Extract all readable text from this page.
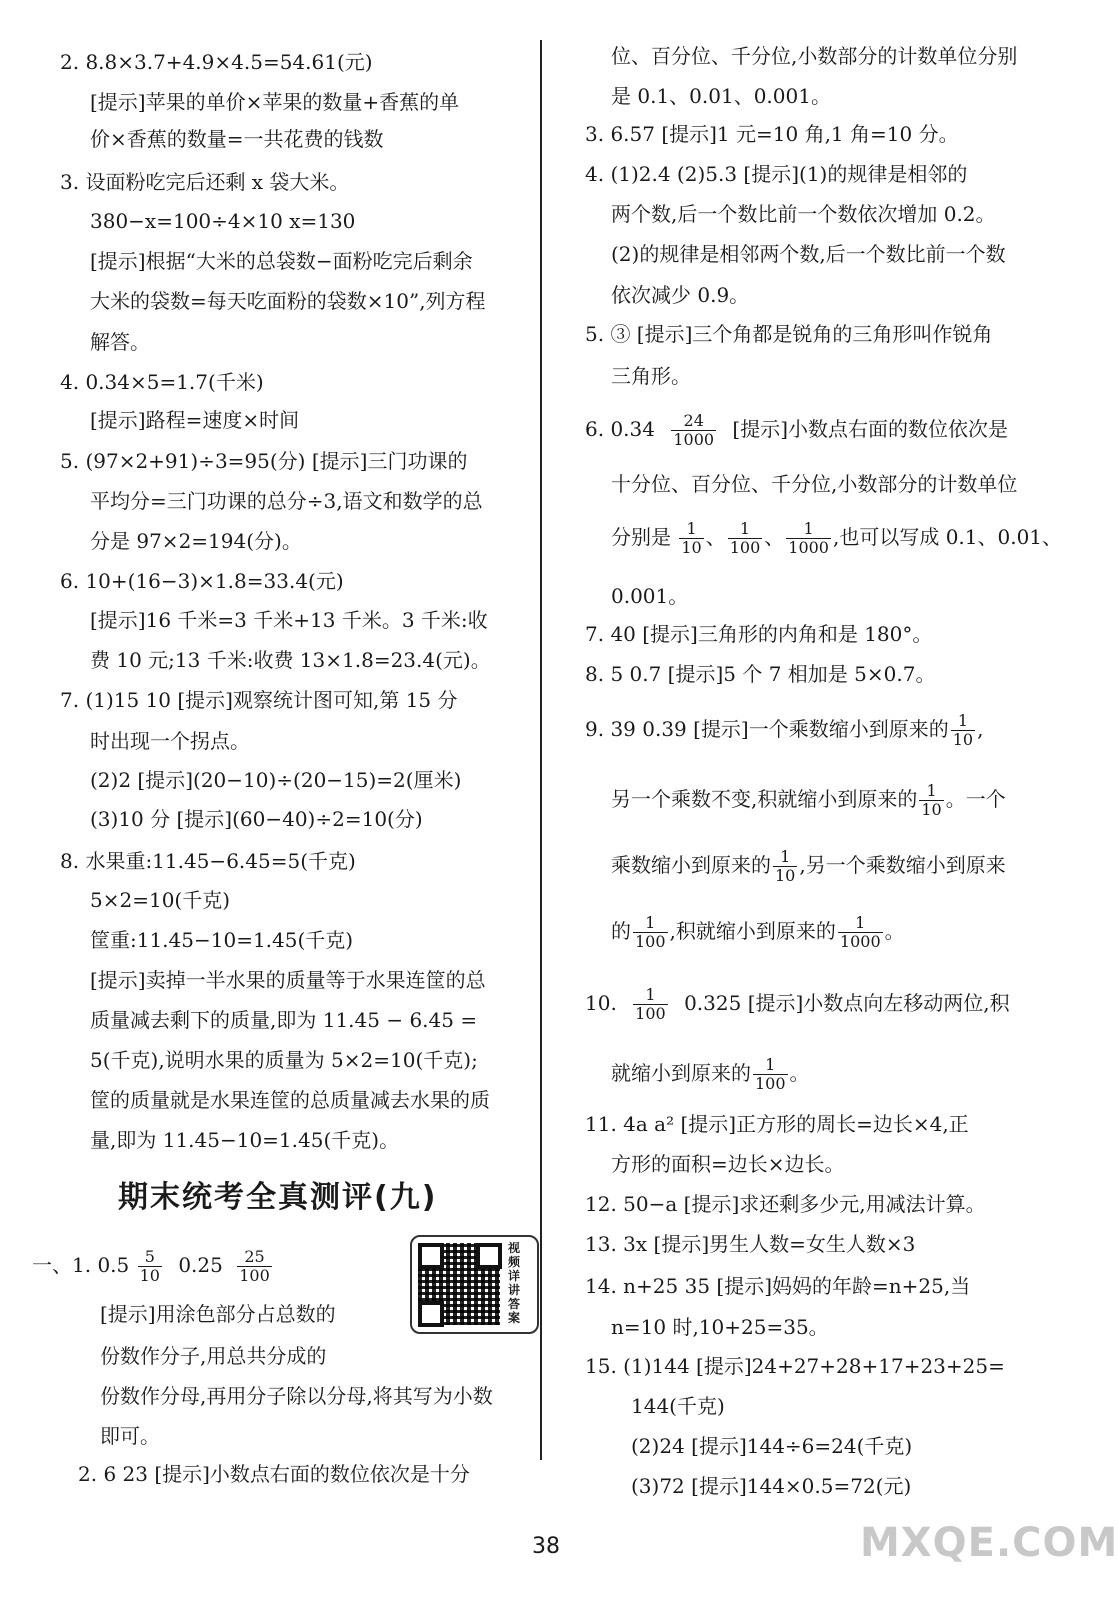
2. 8.8×3.7+4.9×4.5=54.61(元)
[提示]苹果的单价×苹果的数量+香蕉的单
价×香蕉的数量=一共花费的钱数
3. 设面粉吃完后还剩 x 袋大米。
380−x=100÷4×10 x=130
[提示]根据“大米的总袋数−面粉吃完后剩余
大米的袋数=每天吃面粉的袋数×10”,列方程
解答。
4. 0.34×5=1.7(千米)
[提示]路程=速度×时间
5. (97×2+91)÷3=95(分) [提示]三门功课的
平均分=三门功课的总分÷3,语文和数学的总
分是 97×2=194(分)。
6. 10+(16−3)×1.8=33.4(元)
[提示]16 千米=3 千米+13 千米。3 千米:收
费 10 元;13 千米:收费 13×1.8=23.4(元)。
7. (1)15 10 [提示]观察统计图可知,第 15 分
时出现一个拐点。
(2)2 [提示](20−10)÷(20−15)=2(厘米)
(3)10 分 [提示](60−40)÷2=10(分)
8. 水果重:11.45−6.45=5(千克)
5×2=10(千克)
筐重:11.45−10=1.45(千克)
[提示]卖掉一半水果的质量等于水果连筐的总
质量减去剩下的质量,即为 11.45 − 6.45 =
5(千克),说明水果的质量为 5×2=10(千克);
筐的质量就是水果连筐的总质量减去水果的质
量,即为 11.45−10=1.45(千克)。
一、1. $0.5 \frac{5}{10} 0.25 \frac{25}{100}$
[提示]用涂色部分占总数的
份数作分子,用总共分成的
份数作分母,再用分子除以分母,将其写为小数
即可。
2. 6 23 [提示]小数点右面的数位依次是十分
期末统考全真测评(九)
视频详讲答案
位、百分位、千分位,小数部分的计数单位分别
是 0.1、0.01、0.001。
3. 6.57 [提示]1 元=10 角,1 角=10 分。
4. (1)2.4 (2)5.3 [提示](1)的规律是相邻的
两个数,后一个数比前一个数依次增加 0.2。
(2)的规律是相邻两个数,后一个数比前一个数
依次减少 0.9。
5. ③ [提示]三个角都是锐角的三角形叫作锐角
三角形。
6. $0.34 \frac{24}{1000}$ [提示]小数点右面的数位依次是
十分位、百分位、千分位,小数部分的计数单位
分别是 $\frac{1}{10}$ 、 $\frac{1}{100}$ 、 $\frac{1}{1000}$ ,也可以写成 0.1、0.01、
0.001。
7. 40 [提示]三角形的内角和是 180°。
8. 5 0.7 [提示]5 个 7 相加是 5×0.7。
9. 39 0.39 [提示]一个乘数缩小到原来的 $\frac{1}{10}$ ,
另一个乘数不变,积就缩小到原来的 $\frac{1}{10}$ 。一个
乘数缩小到原来的 $\frac{1}{10}$ ,另一个乘数缩小到原来
的 $\frac{1}{100}$ ,积就缩小到原来的 $\frac{1}{1000}$ 。
10. $\frac{1}{100} 0.325$ [提示]小数点向左移动两位,积
就缩小到原来的 $\frac{1}{100}$ 。
11. 4a a² [提示]正方形的周长=边长×4,正
方形的面积=边长×边长。
12. 50−a [提示]求还剩多少元,用减法计算。
13. 3x [提示]男生人数=女生人数×3
14. n+25 35 [提示]妈妈的年龄=n+25,当
n=10 时,10+25=35。
15. (1)144 [提示]24+27+28+17+23+25=
144(千克)
(2)24 [提示]144÷6=24(千克)
(3)72 [提示]144×0.5=72(元)
38	MXQE.COM
